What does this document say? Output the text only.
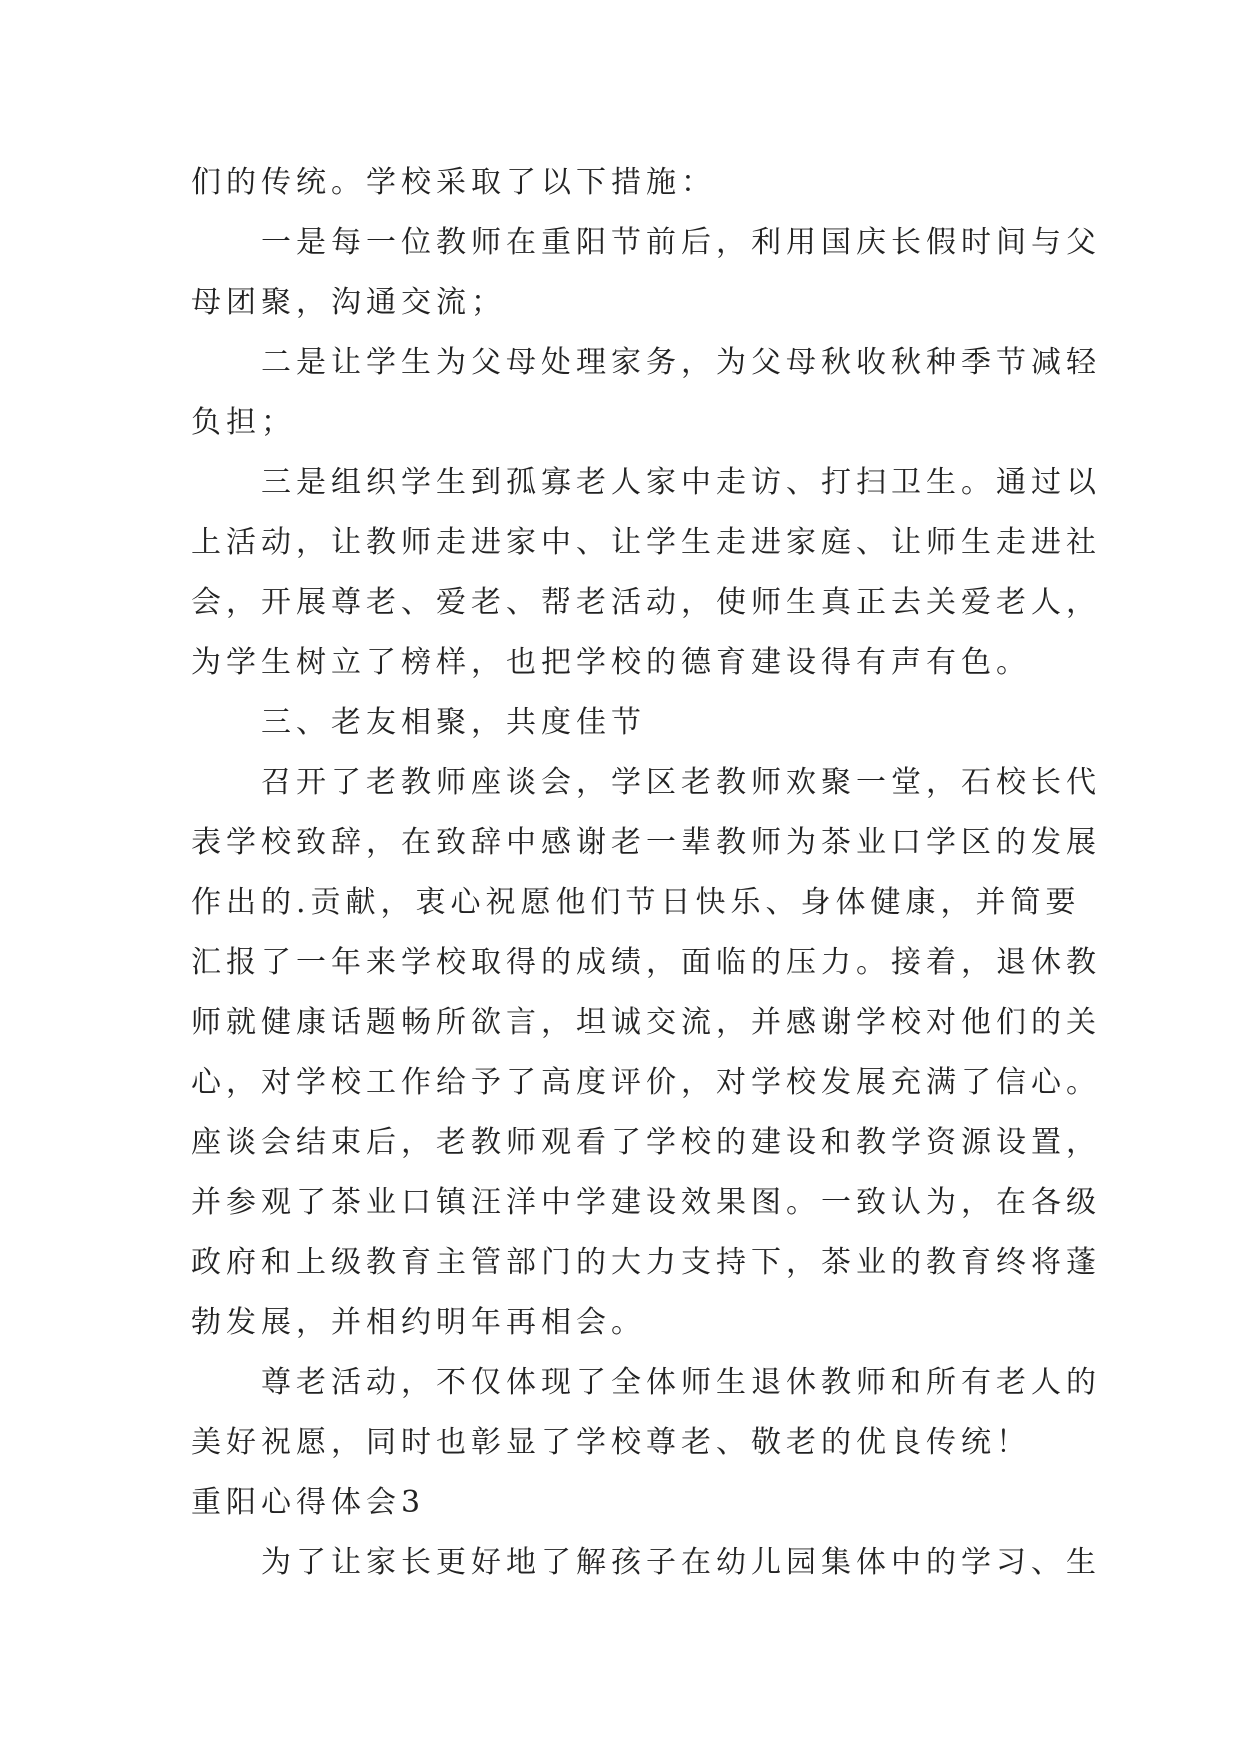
们的传统。学校采取了以下措施：
一是每一位教师在重阳节前后，利用国庆长假时间与父
母团聚，沟通交流；
二是让学生为父母处理家务，为父母秋收秋种季节减轻
负担；
三是组织学生到孤寡老人家中走访、打扫卫生。通过以
上活动，让教师走进家中、让学生走进家庭、让师生走进社
会，开展尊老、爱老、帮老活动，使师生真正去关爱老人，
为学生树立了榜样，也把学校的德育建设得有声有色。
三、老友相聚，共度佳节
召开了老教师座谈会，学区老教师欢聚一堂，石校长代
表学校致辞，在致辞中感谢老一辈教师为茶业口学区的发展
作出的.贡献，衷心祝愿他们节日快乐、身体健康，并简要
汇报了一年来学校取得的成绩，面临的压力。接着，退休教
师就健康话题畅所欲言，坦诚交流，并感谢学校对他们的关
心，对学校工作给予了高度评价，对学校发展充满了信心。
座谈会结束后，老教师观看了学校的建设和教学资源设置，
并参观了茶业口镇汪洋中学建设效果图。一致认为，在各级
政府和上级教育主管部门的大力支持下，茶业的教育终将蓬
勃发展，并相约明年再相会。
尊老活动，不仅体现了全体师生退休教师和所有老人的
美好祝愿，同时也彰显了学校尊老、敬老的优良传统！
重阳心得体会3
为了让家长更好地了解孩子在幼儿园集体中的学习、生
